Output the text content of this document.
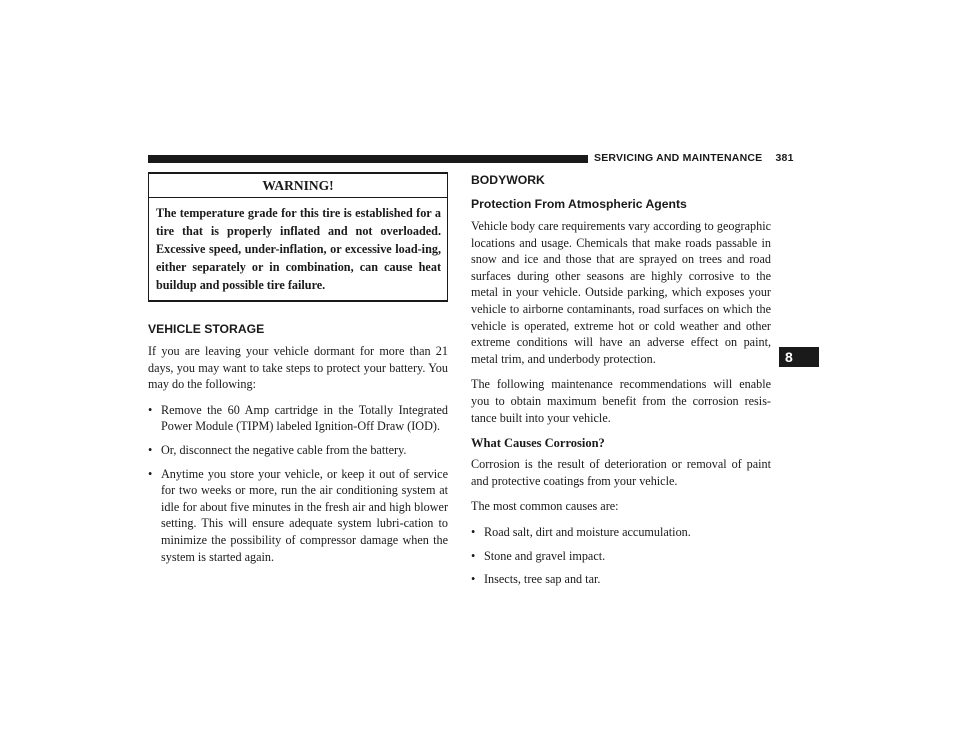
SERVICING AND MAINTENANCE 381
8
WARNING!
The temperature grade for this tire is established for a tire that is properly inflated and not overloaded. Excessive speed, under-inflation, or excessive load-ing, either separately or in combination, can cause heat buildup and possible tire failure.
VEHICLE STORAGE

If you are leaving your vehicle dormant for more than 21 days, you may want to take steps to protect your battery. You may do the following:

• Remove the 60 Amp cartridge in the Totally Integrated Power Module (TIPM) labeled Ignition-Off Draw (IOD).
• Or, disconnect the negative cable from the battery.
• Anytime you store your vehicle, or keep it out of service for two weeks or more, run the air conditioning system at idle for about five minutes in the fresh air and high blower setting. This will ensure adequate system lubri-cation to minimize the possibility of compressor damage when the system is started again.
BODYWORK
Protection From Atmospheric Agents

Vehicle body care requirements vary according to geographic locations and usage. Chemicals that make roads passable in snow and ice and those that are sprayed on trees and road surfaces during other seasons are highly corrosive to the metal in your vehicle. Outside parking, which exposes your vehicle to airborne contaminants, road surfaces on which the vehicle is operated, extreme hot or cold weather and other extreme conditions will have an adverse effect on paint, metal trim, and underbody protection.

The following maintenance recommendations will enable you to obtain maximum benefit from the corrosion resis-tance built into your vehicle.

What Causes Corrosion?

Corrosion is the result of deterioration or removal of paint and protective coatings from your vehicle.

The most common causes are:

• Road salt, dirt and moisture accumulation.
• Stone and gravel impact.
• Insects, tree sap and tar.
